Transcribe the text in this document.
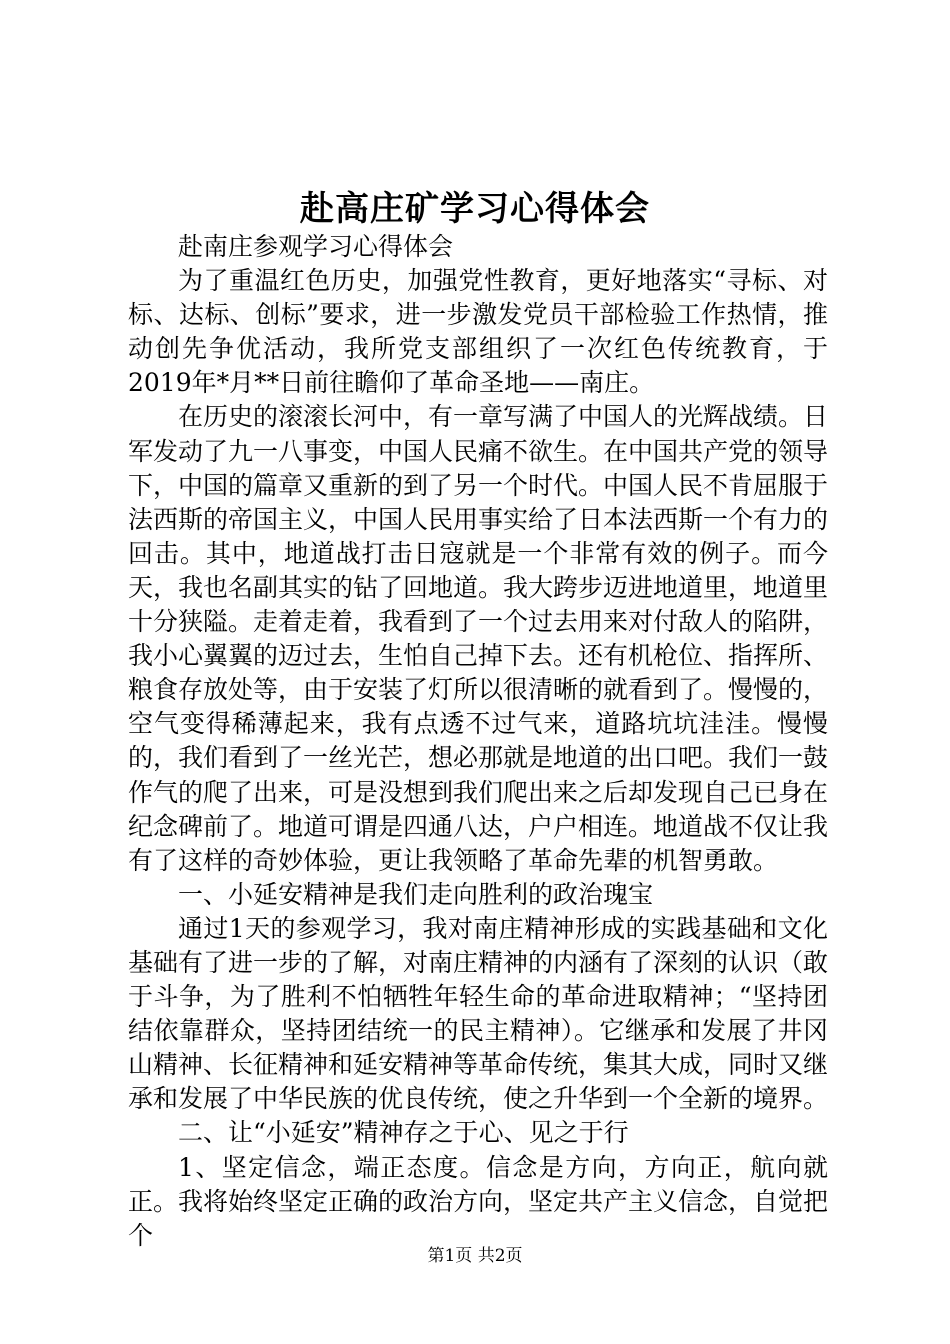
赴高庄矿学习心得体会

赴南庄参观学习心得体会

为了重温红色历史，加强党性教育，更好地落实“寻标、对标、达标、创标”要求，进一步激发党员干部检验工作热情，推动创先争优活动，我所党支部组织了一次红色传统教育，于2019年*月**日前往瞻仰了革命圣地——南庄。

在历史的滚滚长河中，有一章写满了中国人的光辉战绩。日军发动了九一八事变，中国人民痛不欲生。在中国共产党的领导下，中国的篇章又重新的到了另一个时代。中国人民不肯屈服于法西斯的帝国主义，中国人民用事实给了日本法西斯一个有力的回击。其中，地道战打击日寇就是一个非常有效的例子。而今天，我也名副其实的钻了回地道。我大跨步迈进地道里，地道里十分狭隘。走着走着，我看到了一个过去用来对付敌人的陷阱，我小心翼翼的迈过去，生怕自己掉下去。还有机枪位、指挥所、粮食存放处等，由于安装了灯所以很清晰的就看到了。慢慢的，空气变得稀薄起来，我有点透不过气来，道路坑坑洼洼。慢慢的，我们看到了一丝光芒，想必那就是地道的出口吧。我们一鼓作气的爬了出来，可是没想到我们爬出来之后却发现自己已身在纪念碑前了。地道可谓是四通八达，户户相连。地道战不仅让我有了这样的奇妙体验，更让我领略了革命先辈的机智勇敢。

一、小延安精神是我们走向胜利的政治瑰宝

通过1天的参观学习，我对南庄精神形成的实践基础和文化基础有了进一步的了解，对南庄精神的内涵有了深刻的认识（敢于斗争，为了胜利不怕牺牲年轻生命的革命进取精神；“坚持团结依靠群众，坚持团结统一的民主精神）。它继承和发展了井冈山精神、长征精神和延安精神等革命传统，集其大成，同时又继承和发展了中华民族的优良传统，使之升华到一个全新的境界。

二、让“小延安”精神存之于心、见之于行

1、坚定信念，端正态度。信念是方向，方向正，航向就正。我将始终坚定正确的政治方向，坚定共产主义信念，自觉把个

第1页 共2页
